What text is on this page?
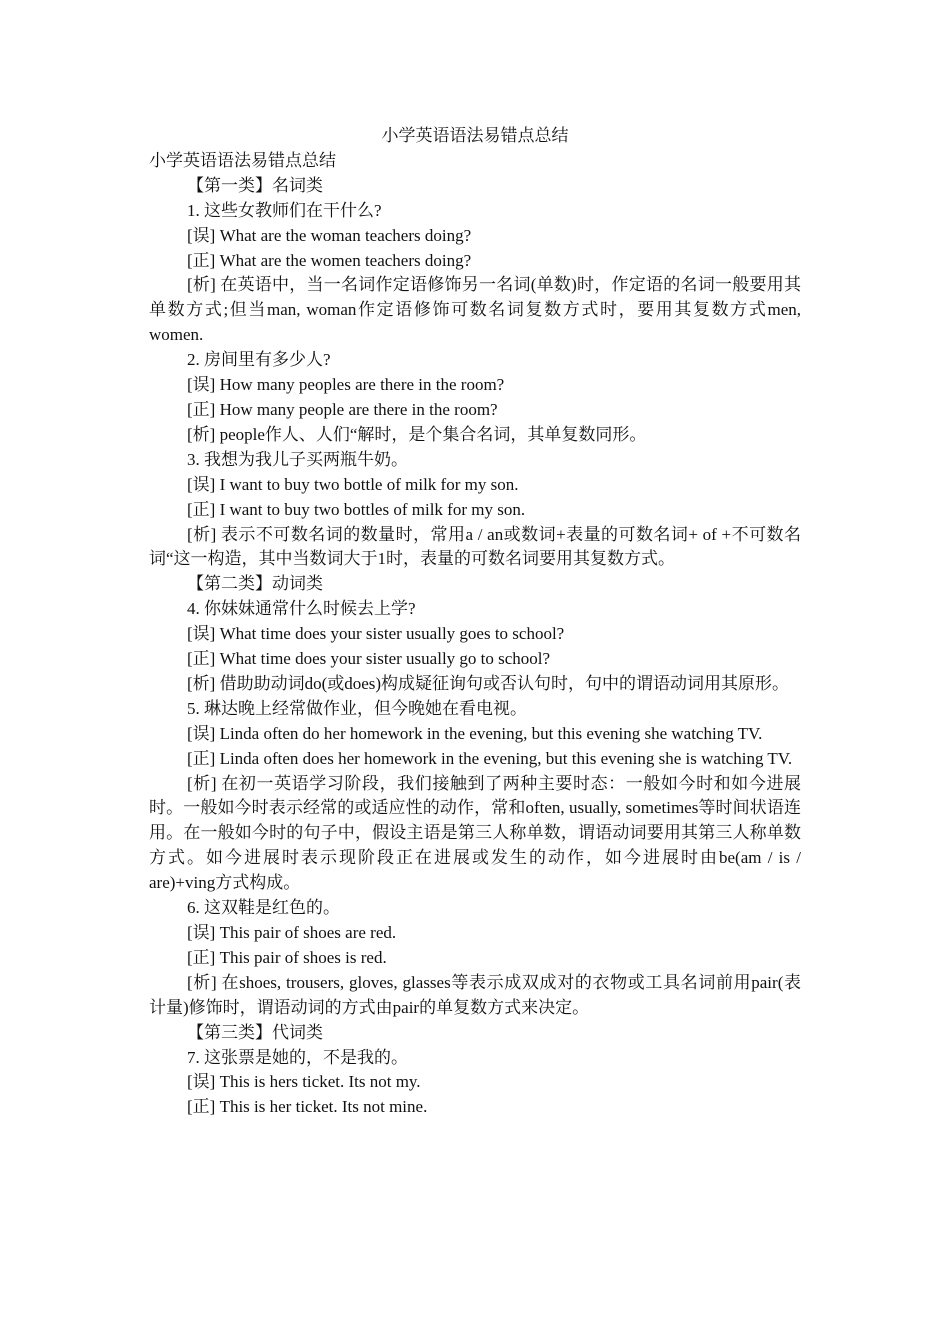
小学英语语法易错点总结

小学英语语法易错点总结

【第一类】名词类

1. 这些女教师们在干什么?

[误] What are the woman teachers doing?

[正] What are the women teachers doing?

[析] 在英语中，当一名词作定语修饰另一名词(单数)时，作定语的名词一般要用其单数方式;但当man, woman作定语修饰可数名词复数方式时，要用其复数方式men, women.

2. 房间里有多少人?

[误] How many peoples are there in the room?

[正] How many people are there in the room?

[析] people作人、人们“解时，是个集合名词，其单复数同形。

3. 我想为我儿子买两瓶牛奶。

[误] I want to buy two bottle of milk for my son.

[正] I want to buy two bottles of milk for my son.

[析] 表示不可数名词的数量时，常用a / an或数词+表量的可数名词+ of +不可数名词“这一构造，其中当数词大于1时，表量的可数名词要用其复数方式。

【第二类】动词类

4. 你妹妹通常什么时候去上学?

[误] What time does your sister usually goes to school?

[正] What time does your sister usually go to school?

[析] 借助助动词do(或does)构成疑征询句或否认句时，句中的谓语动词用其原形。

5. 琳达晚上经常做作业，但今晚她在看电视。

[误] Linda often do her homework in the evening, but this evening she watching TV.

[正] Linda often does her homework in the evening, but this evening she is watching TV.

[析] 在初一英语学习阶段，我们接触到了两种主要时态：一般如今时和如今进展时。一般如今时表示经常的或适应性的动作，常和often, usually, sometimes等时间状语连用。在一般如今时的句子中，假设主语是第三人称单数，谓语动词要用其第三人称单数方式。如今进展时表示现阶段正在进展或发生的动作，如今进展时由be(am / is / are)+ving方式构成。

6. 这双鞋是红色的。

[误] This pair of shoes are red.

[正] This pair of shoes is red.

[析] 在shoes, trousers, gloves, glasses等表示成双成对的衣物或工具名词前用pair(表计量)修饰时，谓语动词的方式由pair的单复数方式来决定。

【第三类】代词类

7. 这张票是她的，不是我的。

[误] This is hers ticket. Its not my.

[正] This is her ticket. Its not mine.
